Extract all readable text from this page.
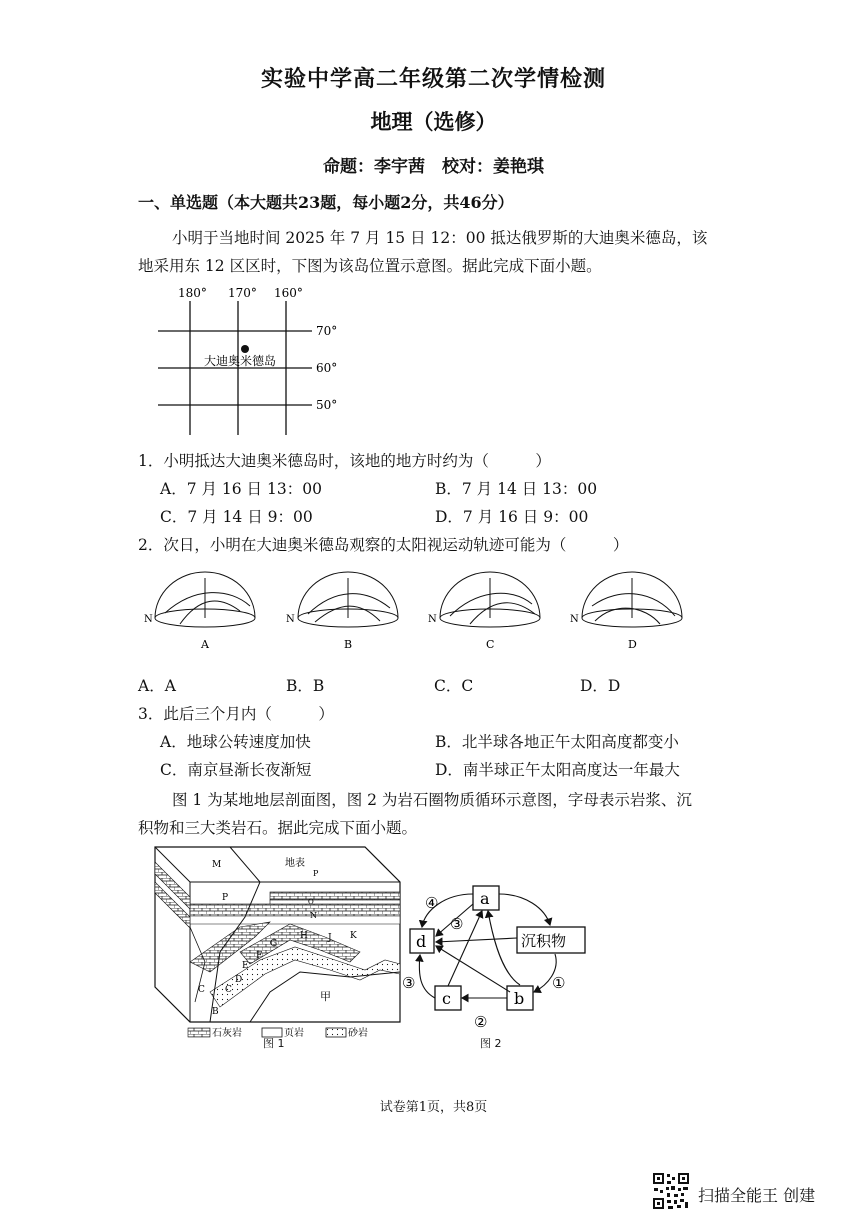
实验中学高二年级第二次学情检测
地理（选修）
命题：李宇茜　校对：姜艳琪
一、单选题（本大题共23题，每小题2分，共46分）
小明于当地时间 2025 年 7 月 15 日 12：00 抵达俄罗斯的大迪奥米德岛，该
地采用东 12 区区时，下图为该岛位置示意图。据此完成下面小题。
180° 170° 160°
70°
60°
50°
大迪奥米德岛
1．小明抵达大迪奥米德岛时，该地的地方时约为（　　　）
A．7 月 16 日 13：00	B．7 月 14 日 13：00
C．7 月 14 日 9：00	D．7 月 16 日 9：00
2．次日，小明在大迪奥米德岛观察的太阳视运动轨迹可能为（　　　）
N
A
N
B
N
C
N
D
A．A	B．B	C．C	D．D
3．此后三个月内（　　　）
A．地球公转速度加快	B．北半球各地正午太阳高度都变小
C．南京昼渐长夜渐短	D．南半球正午太阳高度达一年最大
图 1 为某地地层剖面图，图 2 为岩石圈物质循环示意图，字母表示岩浆、沉
积物和三大类岩石。据此完成下面小题。
M	地表
P
P	O
N
G
H J K
F
E
D
C C
B
甲
石灰岩	页岩	砂岩
图 1
a
d	沉积物
c	b
④
③
③	①
②
图 2
试卷第1页，共8页
扫描全能王 创建
